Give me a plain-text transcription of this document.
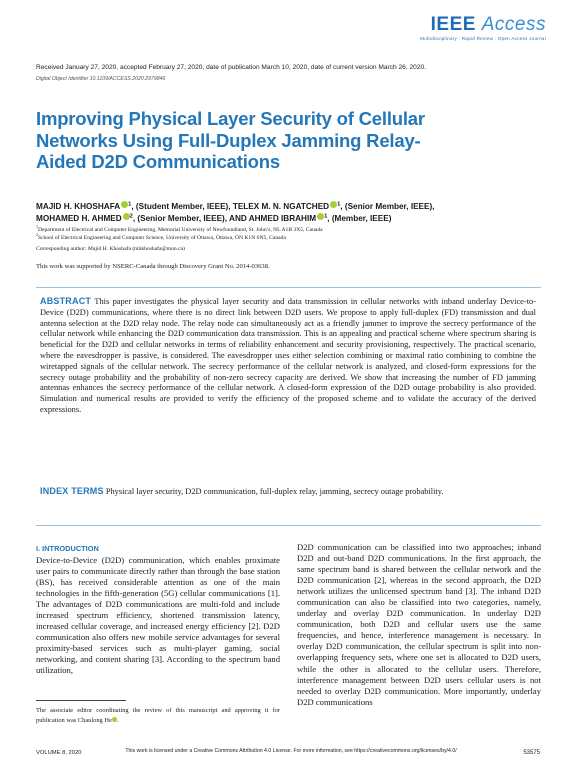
IEEE Access
Multidisciplinary : Rapid Review : Open Access Journal
Received January 27, 2020, accepted February 27, 2020, date of publication March 10, 2020, date of current version March 26, 2020.
Digital Object Identifier 10.1109/ACCESS.2020.2979846
Improving Physical Layer Security of Cellular Networks Using Full-Duplex Jamming Relay-Aided D2D Communications
MAJID H. KHOSHAFA $^1$, (Student Member, IEEE), TELEX M. N. NGATCHED $^1$, (Senior Member, IEEE),
MOHAMED H. AHMED $^2$, (Senior Member, IEEE), AND AHMED IBRAHIM $^1$, (Member, IEEE)
$^1$Department of Electrical and Computer Engineering, Memorial University of Newfoundland, St. John’s, NL A1B 3X5, Canada
$^2$School of Electrical Engineering and Computer Science, University of Ottawa, Ottawa, ON K1N 6N5, Canada
Corresponding author: Majid H. Khoshafa (mhkhoshafa@mun.ca)
This work was supported by NSERC-Canada through Discovery Grant No. 2014-03638.
ABSTRACT This paper investigates the physical layer security and data transmission in cellular networks with inband underlay Device-to-Device (D2D) communications, where there is no direct link between D2D users. We propose to apply full-duplex (FD) transmission and dual antenna selection at the D2D relay node. The relay node can simultaneously act as a friendly jammer to improve the secrecy performance of the cellular network while enhancing the D2D communication data transmission. This is an appealing and practical scheme where spectrum sharing is beneficial for the D2D and cellular networks in terms of reliability enhancement and security provisioning, respectively. The practical scenario, where the eavesdropper is passive, is considered. The eavesdropper uses either selection combining or maximal ratio combining to combine the wiretapped signals of the cellular network. The secrecy performance of the cellular network is analyzed, and closed-form expressions for the secrecy outage probability and the probability of non-zero secrecy capacity are derived. We show that increasing the number of FD jamming antennas enhances the secrecy performance of the cellular network. A closed-form expression of the D2D outage probability is also provided. Simulation and numerical results are provided to verify the efficiency of the proposed scheme and to validate the accuracy of the derived expressions.
INDEX TERMS Physical layer security, D2D communication, full-duplex relay, jamming, secrecy outage probability.
I. INTRODUCTION
Device-to-Device (D2D) communication, which enables proximate user pairs to communicate directly rather than through the base station (BS), has received considerable attention as one of the main technologies in the fifth-generation (5G) cellular communications [1]. The advantages of D2D communications are multi-fold and include increased spectrum efficiency, shortened transmission latency, increased cellular coverage, and increased energy efficiency [2]. D2D communication also offers new mobile service advantages for several proximity-based services such as multi-player gaming, social networking, and content sharing [3]. According to the spectrum band utilization,
D2D communication can be classified into two approaches; inband D2D and out-band D2D communications. In the first approach, the same spectrum band is shared between the cellular network and the D2D communication [2], whereas in the second approach, the D2D network utilizes the unlicensed spectrum band [3]. The inband D2D communication can also be classified into two categories, namely, underlay and overlay D2D communication. In underlay D2D communication, both D2D and cellular users use the same frequencies, and hence, interference management is necessary. In overlay D2D communication, the cellular spectrum is split into non-overlapping frequency sets, where one set is allocated to D2D users, while the other is allocated to the cellular users. Therefore, interference management between D2D users cellular users is not needed to overlay D2D communication. More importantly, underlay D2D communications
The associate editor coordinating the review of this manuscript and approving it for publication was Chaulong He .
VOLUME 8, 2020	This work is licensed under a Creative Commons Attribution 4.0 License. For more information, see https://creativecommons.org/licenses/by/4.0/	53575
